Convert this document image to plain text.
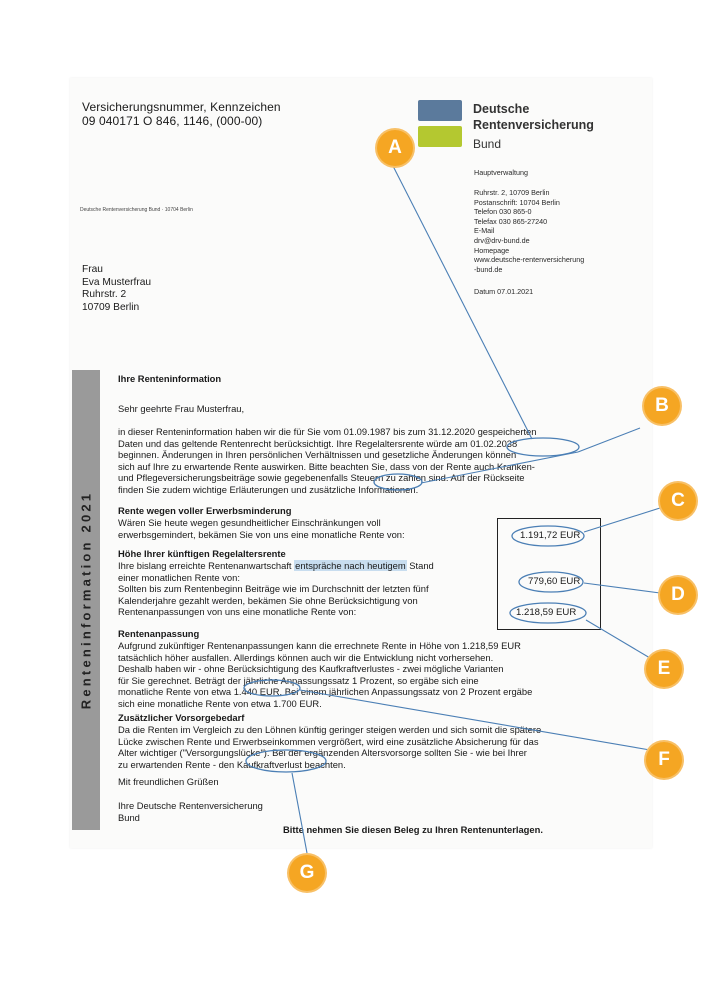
Versicherungsnummer, Kennzeichen
09 040171 O 846, 1146, (000-00)
Deutsche Rentenversicherung Bund · 10704 Berlin
Deutsche
Rentenversicherung
Bund
Hauptverwaltung
Ruhrstr. 2, 10709 Berlin
Postanschrift: 10704 Berlin
Telefon 030 865-0
Telefax 030 865-27240
E-Mail
drv@drv-bund.de
Homepage
www.deutsche-rentenversicherung
-bund.de
Datum 07.01.2021
Frau
Eva Musterfrau
Ruhrstr. 2
10709 Berlin
Renteninformation 2021
Ihre Renteninformation
Sehr geehrte Frau Musterfrau,
in dieser Renteninformation haben wir die für Sie vom 01.09.1987 bis zum 31.12.2020 gespeicherten
Daten und das geltende Rentenrecht berücksichtigt. Ihre Regelaltersrente würde am 01.02.2038
beginnen. Änderungen in Ihren persönlichen Verhältnissen und gesetzliche Änderungen können
sich auf Ihre zu erwartende Rente auswirken. Bitte beachten Sie, dass von der Rente auch Kranken-
und Pflegeversicherungsbeiträge sowie gegebenenfalls Steuern zu zahlen sind. Auf der Rückseite
finden Sie zudem wichtige Erläuterungen und zusätzliche Informationen.
Rente wegen voller Erwerbsminderung
Wären Sie heute wegen gesundheitlicher Einschränkungen voll
erwerbsgemindert, bekämen Sie von uns eine monatliche Rente von:
Höhe Ihrer künftigen Regelaltersrente
Ihre bislang erreichte Rentenanwartschaft entspräche nach heutigem Stand
einer monatlichen Rente von:
Sollten bis zum Rentenbeginn Beiträge wie im Durchschnitt der letzten fünf
Kalenderjahre gezahlt werden, bekämen Sie ohne Berücksichtigung von
Rentenanpassungen von uns eine monatliche Rente von:
Rentenanpassung
Aufgrund zukünftiger Rentenanpassungen kann die errechnete Rente in Höhe von 1.218,59 EUR
tatsächlich höher ausfallen. Allerdings können auch wir die Entwicklung nicht vorhersehen.
Deshalb haben wir - ohne Berücksichtigung des Kaufkraftverlustes - zwei mögliche Varianten
für Sie gerechnet. Beträgt der jährliche Anpassungssatz 1 Prozent, so ergäbe sich eine
monatliche Rente von etwa 1.440 EUR. Bei einem jährlichen Anpassungssatz von 2 Prozent ergäbe
sich eine monatliche Rente von etwa 1.700 EUR.
Zusätzlicher Vorsorgebedarf
Da die Renten im Vergleich zu den Löhnen künftig geringer steigen werden und sich somit die spätere
Lücke zwischen Rente und Erwerbseinkommen vergrößert, wird eine zusätzliche Absicherung für das
Alter wichtiger ("Versorgungslücke"). Bei der ergänzenden Altersvorsorge sollten Sie - wie bei Ihrer
zu erwartenden Rente - den Kaufkraftverlust beachten.
Mit freundlichen Grüßen
Ihre Deutsche Rentenversicherung
Bund
Bitte nehmen Sie diesen Beleg zu Ihren Rentenunterlagen.
1.191,72 EUR
779,60 EUR
1.218,59 EUR
A
B
C
D
E
F
G
